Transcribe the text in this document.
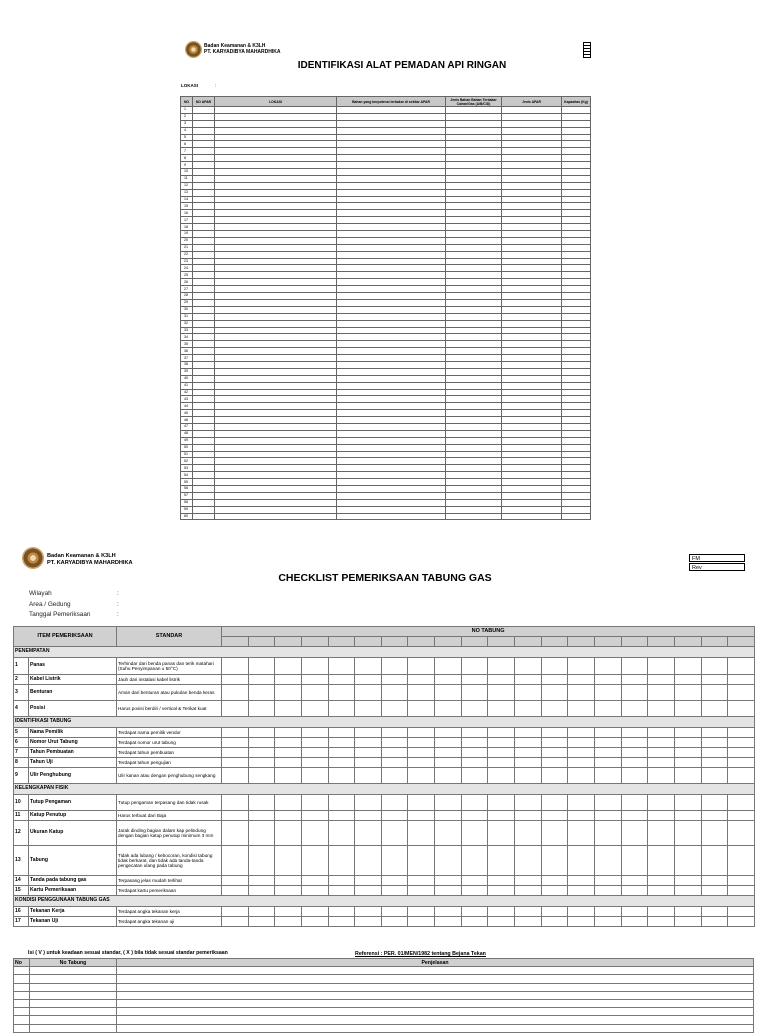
Badan Keamanan & K3LH
PT. KARYADIBYA MAHARDHIKA
IDENTIFIKASI ALAT PEMADAN API RINGAN
LOKASI	:
NO	NO APAR	LOKASI	Bahan yang berpotensi terbakar di sekitar APAR	Jenis Bahan Bahan Terbakar Cairan/Gas (A/B/C/D)	Jenis APAR	Kapasitas (Kg)
1						
2						
3						
4						
5						
6						
7						
8						
9						
10						
11						
12						
13						
14						
15						
16						
17						
18						
19						
20						
21						
22						
23						
24						
25						
26						
27						
28						
29						
30						
31						
32						
33						
34						
35						
36						
37						
38						
39						
40						
41						
42						
43						
44						
45						
46						
47						
48						
49						
50						
51						
52						
53						
54						
55						
56						
57						
58						
59						
60						
Badan Keamanan & K3LH
PT. KARYADIBYA MAHARDHIKA
FM
Rev
CHECKLIST PEMERIKSAAN TABUNG GAS
Wilayah
Area / Gedung
Tanggal Pemeriksaan
:
:
:
ITEM PEMERIKSAAN		STANDAR	NO TABUNG																			

PENEMPATAN																						
1	Panas	Terhindar dari benda panas dan terik matahari (Suhu Penyimpanan ± 50°C)																				
2	Kabel Listrik	Jauh dari instalasi kabel listrik																				
3	Benturan	Aman dari benturan atau pukulan benda keras																				
4	Posisi	Harus posisi berdiri / vertical & Terikat kuat																				
IDENTIFIKASI TABUNG																						
5	Nama Pemilik	Terdapat nama pemilik vendor																				
6	Nomor Urut Tabung	Terdapat nomor urut tabung																				
7	Tahun Pembuatan	Terdapat tahun pembuatan																				
8	Tahun Uji	Terdapat tahun pengujian																				
9	Ulir Penghubung	Ulir kanan atau dengan penghubung sengkang																				
KELENGKAPAN FISIK																						
10	Tutup Pengaman	Tutup pengaman terpasang dan tidak rusak																				
11	Katup Penutup	Harus terbuat dari Baja																				
12	Ukuran Katup	Jarak dinding bagian dalam kap pelindung dengan bagian katup penutup minimum 3 mm																				
13	Tabung	Tidak ada lubang / kebocoran, kondisi tabung tidak berkarat, dan tidak ada tanda-tanda pengecatan ulang pada tabung																				
14	Tanda pada tabung gas	Terpasang jelas mudah terlihat																				
15	Kartu Pemeriksaan	Terdapat kartu pemeriksaan																				
KONDISI PENGGUNAAN TABUNG GAS																						
16	Tekanan Kerja	Terdapat angka tekanan kerja																				
17	Tekanan Uji	Terdapat angka tekanan uji																				
Isi ( V ) untuk keadaan sesuai standar, ( X ) bila tidak sesuai standar pemeriksaan	Referensi : PER. 01/MEN/1982 tentang Bejana Tekan
No	No Tabung	Penjelasan
